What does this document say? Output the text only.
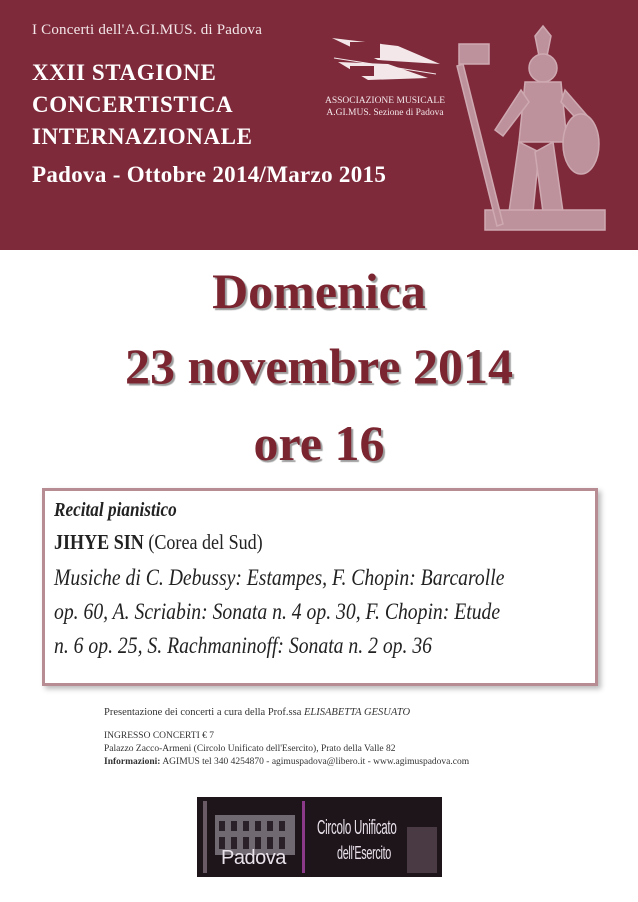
I Concerti dell'A.GI.MUS. di Padova
XXII STAGIONE
CONCERTISTICA
INTERNAZIONALE
Padova - Ottobre 2014/Marzo 2015
ASSOCIAZIONE MUSICALE
A.GI.MUS. Sezione di Padova
Domenica
23 novembre 2014
ore 16
Recital pianistico
JIHYE SIN (Corea del Sud)
Musiche di C. Debussy: Estampes, F. Chopin: Barcarolle
op. 60, A. Scriabin: Sonata n. 4 op. 30, F. Chopin: Etude
n. 6 op. 25, S. Rachmaninoff: Sonata n. 2 op. 36
Presentazione dei concerti a cura della Prof.ssa ELISABETTA GESUATO
INGRESSO CONCERTI € 7
Palazzo Zacco-Armeni (Circolo Unificato dell'Esercito), Prato della Valle 82
Informazioni: AGIMUS tel 340 4254870 - agimuspadova@libero.it - www.agimuspadova.com
Padova
Circolo Unificato
dell'Esercito
